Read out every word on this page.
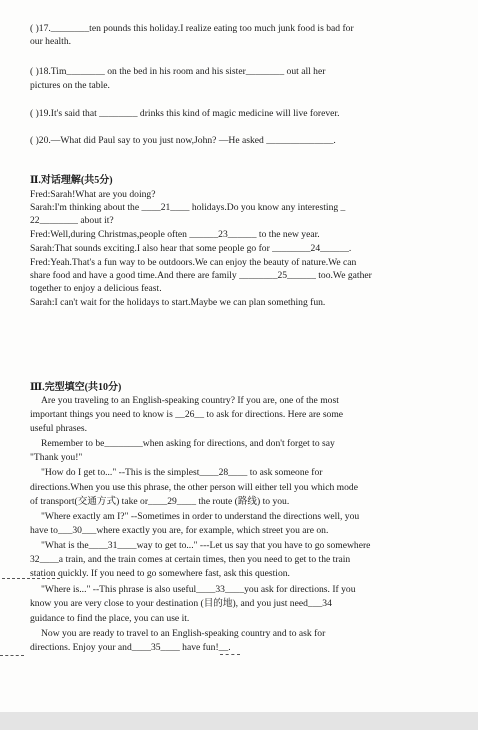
( )17.________ten pounds this holiday.I realize eating too much junk food is bad for
our health.
( )18.Tim________ on the bed in his room and his sister________ out all her
pictures on the table.
( )19.It's said that ________ drinks this kind of magic medicine will live forever.
( )20.—What did Paul say to you just now,John? —He asked ______________.
Ⅱ.对话理解(共5分)
Fred:Sarah!What are you doing?
Sarah:I'm thinking about the ____21____ holidays.Do you know any interesting _
22________ about it?
Fred:Well,during Christmas,people often ______23______ to the new year.
Sarah:That sounds exciting.I also hear that some people go for ________24______.
Fred:Yeah.That's a fun way to be outdoors.We can enjoy the beauty of nature.We can
share food and have a good time.And there are family ________25______ too.We gather
together to enjoy a delicious feast.
Sarah:I can't wait for the holidays to start.Maybe we can plan something fun.
Ⅲ.完型填空(共10分)
Are you traveling to an English-speaking country? If you are, one of the most
important things you need to know is __26__ to ask for directions. Here are some
useful phrases.
Remember to be________when asking for directions, and don't forget to say
"Thank you!"
"How do I get to..." --This is the simplest____28____ to ask someone for
directions.When you use this phrase, the other person will either tell you which mode
of transport(交通方式) take or____29____ the route (路线) to you.
"Where exactly am I?" --Sometimes in order to understand the directions well, you
have to___30___where exactly you are, for example, which street you are on.
"What is the____31____way to get to..." ---Let us say that you have to go somewhere
32____a train, and the train comes at certain times, then you need to get to the train
station quickly. If you need to go somewhere fast, ask this question.
"Where is..." --This phrase is also useful____33____you ask for directions. If you
know you are very close to your destination (目的地), and you just need___34
guidance to find the place, you can use it.
Now you are ready to travel to an English-speaking country and to ask for
directions. Enjoy your and____35____ have fun!__.
